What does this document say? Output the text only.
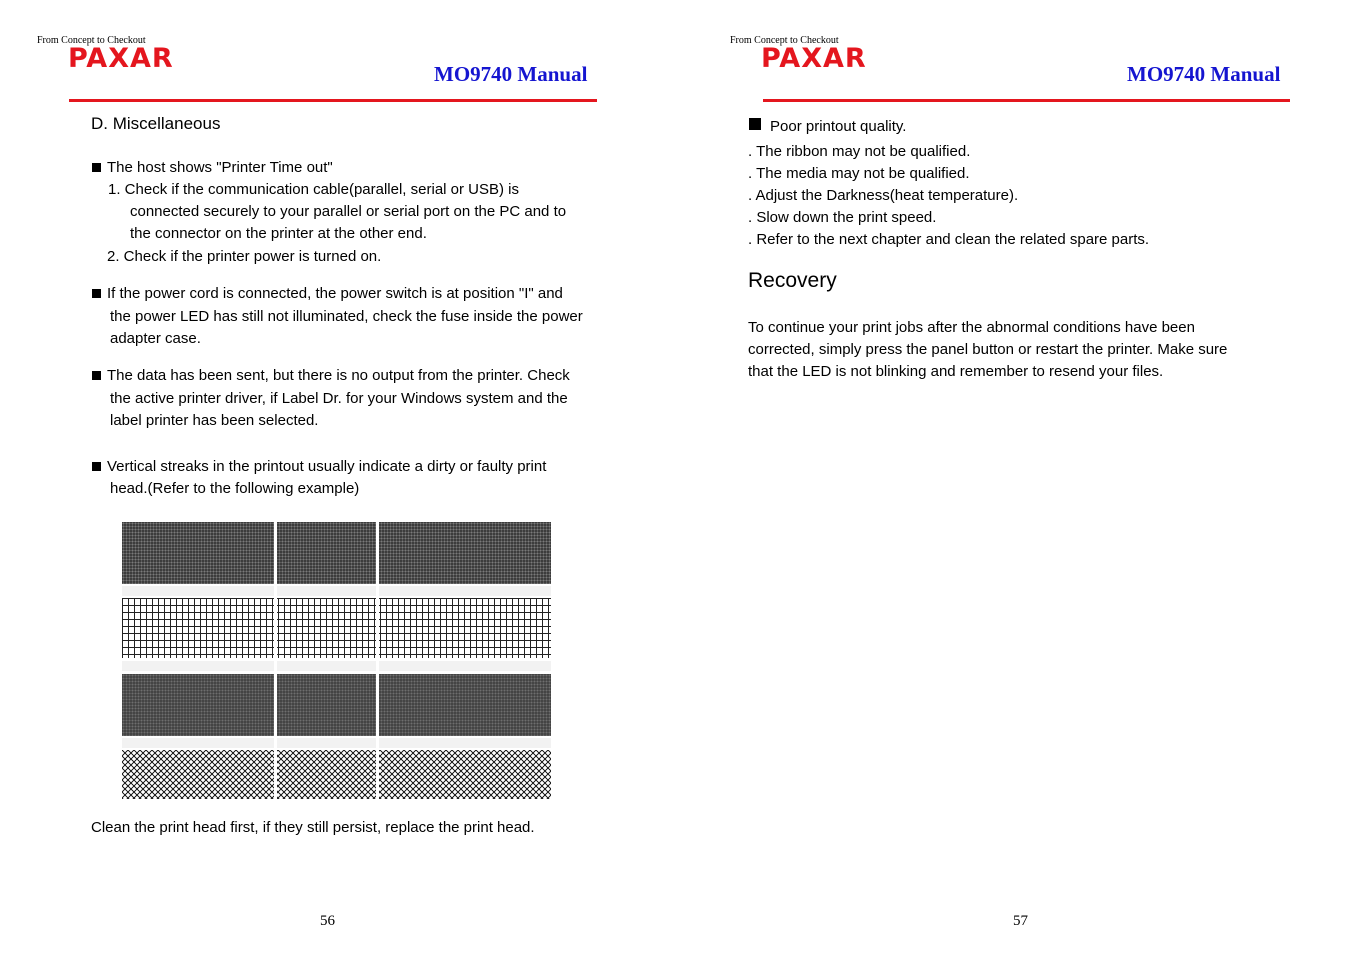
From Concept to Checkout
PAXAR	MO9740 Manual
D. Miscellaneous
The host shows "Printer Time out"
1. Check if the communication cable(parallel, serial or USB) is
connected securely to your parallel or serial port on the PC and to
the connector on the printer at the other end.
2. Check if the printer power is turned on.
If the power cord is connected, the power switch is at position "I" and
the power LED has still not illuminated, check the fuse inside the power
adapter case.
The data has been sent, but there is no output from the printer. Check
the active printer driver, if Label Dr. for your Windows system and the
label printer has been selected.
Vertical streaks in the printout usually indicate a dirty or faulty print
head.(Refer to the following example)
Clean the print head first, if they still persist, replace the print head.
56
From Concept to Checkout
PAXAR	MO9740 Manual
Poor printout quality.
. The ribbon may not be qualified.
. The media may not be qualified.
. Adjust the Darkness(heat temperature).
. Slow down the print speed.
. Refer to the next chapter and clean the related spare parts.
Recovery
To continue your print jobs after the abnormal conditions have been
corrected, simply press the panel button or restart the printer. Make sure
that the LED is not blinking and remember to resend your files.
57
